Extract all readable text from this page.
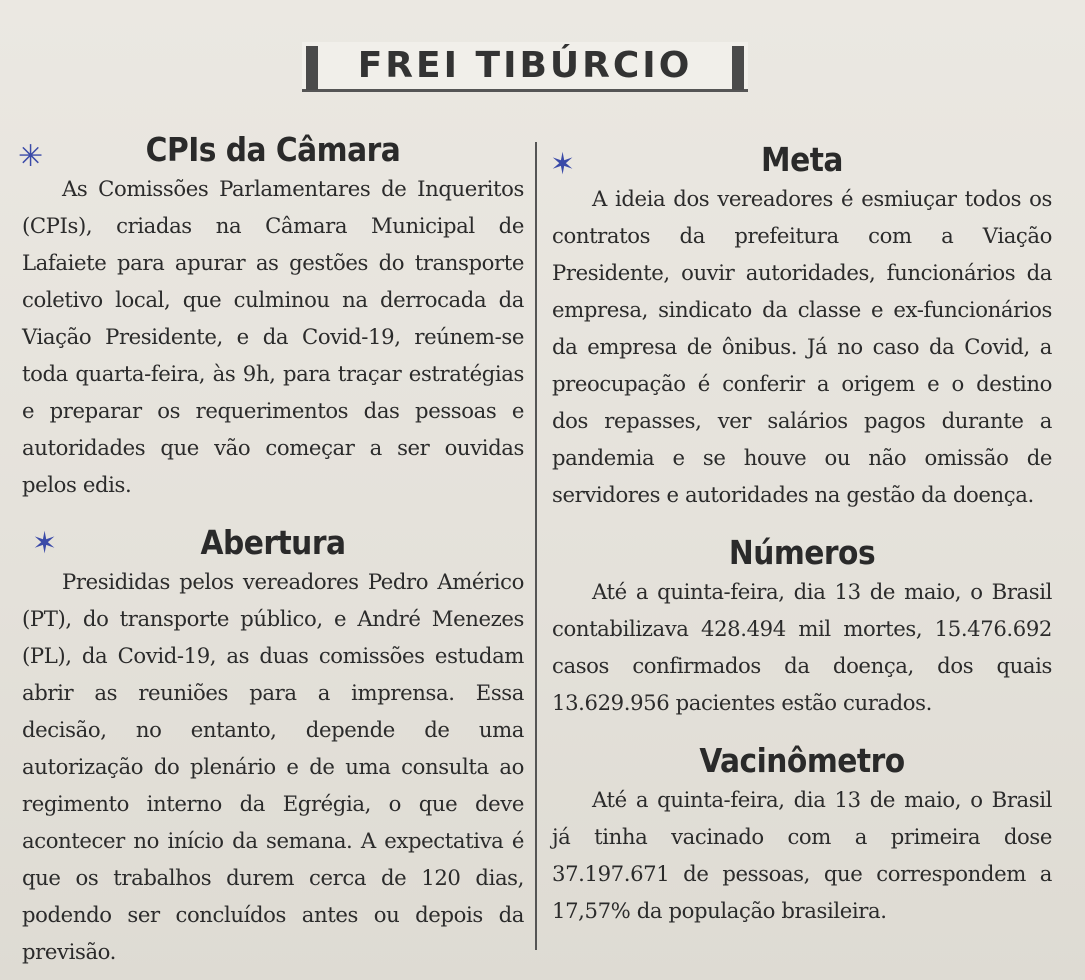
FREI TIBÚRCIO
✳	CPIs da Câmara

As Comissões Parlamentares de Inqueritos (CPIs), criadas na Câmara Municipal de Lafaiete para apurar as gestões do transporte coletivo local, que culminou na derrocada da Viação Presidente, e da Covid-19, reúnem-se toda quarta-feira, às 9h, para traçar estratégias e preparar os requerimentos das pessoas e autoridades que vão começar a ser ouvidas pelos edis.

✶	Abertura

Presididas pelos vereadores Pedro Américo (PT), do transporte público, e André Menezes (PL), da Covid-19, as duas comissões estudam abrir as reuniões para a imprensa. Essa decisão, no entanto, depende de uma autorização do plenário e de uma consulta ao regimento interno da Egrégia, o que deve acontecer no início da semana. A expectativa é que os trabalhos durem cerca de 120 dias, podendo ser concluídos antes ou depois da previsão.

✶	Meta

A ideia dos vereadores é esmiuçar todos os contratos da prefeitura com a Viação Presidente, ouvir autoridades, funcionários da empresa, sindicato da classe e ex-funcionários da empresa de ônibus. Já no caso da Covid, a preocupação é conferir a origem e o destino dos repasses, ver salários pagos durante a pandemia e se houve ou não omissão de servidores e autoridades na gestão da doença.

Números

Até a quinta-feira, dia 13 de maio, o Brasil contabilizava 428.494 mil mortes, 15.476.692 casos confirmados da doença, dos quais 13.629.956 pacientes estão curados.

Vacinômetro

Até a quinta-feira, dia 13 de maio, o Brasil já tinha vacinado com a primeira dose 37.197.671 de pessoas, que correspondem a 17,57% da população brasileira.
